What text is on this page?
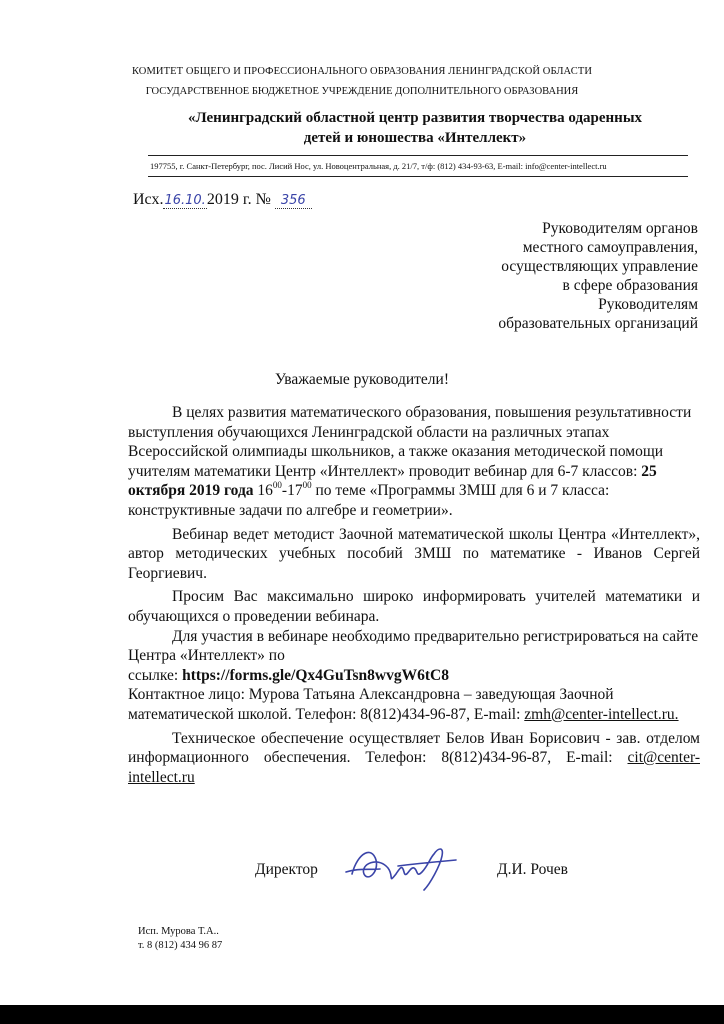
КОМИТЕТ ОБЩЕГО И ПРОФЕССИОНАЛЬНОГО ОБРАЗОВАНИЯ ЛЕНИНГРАДСКОЙ ОБЛАСТИ
ГОСУДАРСТВЕННОЕ БЮДЖЕТНОЕ УЧРЕЖДЕНИЕ ДОПОЛНИТЕЛЬНОГО ОБРАЗОВАНИЯ
«Ленинградский областной центр развития творчества одаренных
детей и юношества «Интеллект»
197755, г. Санкт-Петербург, пос. Лисий Нос, ул. Новоцентральная, д. 21/7, т/ф: (812) 434-93-63, E-mail: info@center-intellect.ru
Исх.16.10.2019 г. № 356
Руководителям органов
местного самоуправления,
осуществляющих управление
в сфере образования
Руководителям
образовательных организаций
Уважаемые руководители!

В целях развития математического образования, повышения результативности выступления обучающихся Ленинградской области на различных этапах Всероссийской олимпиады школьников, а также оказания методической помощи учителям математики Центр «Интеллект» проводит вебинар для 6-7 классов: 25 октября 2019 года $16^{00}-17^{00}$ по теме «Программы ЗМШ для 6 и 7 класса: конструктивные задачи по алгебре и геометрии».

Вебинар ведет методист Заочной математической школы Центра «Интеллект», автор методических учебных пособий ЗМШ по математике - Иванов Сергей Георгиевич.

Просим Вас максимально широко информировать учителей математики и обучающихся о проведении вебинара.

Для участия в вебинаре необходимо предварительно регистрироваться на сайте Центра «Интеллект» по

ссылке: https://forms.gle/Qx4GuTsn8wvgW6tC8

Контактное лицо: Мурова Татьяна Александровна – заведующая Заочной математической школой. Телефон: 8(812)434-96-87, E-mail: zmh@center-intellect.ru.

Техническое обеспечение осуществляет Белов Иван Борисович - зав. отделом информационного обеспечения. Телефон: 8(812)434-96-87, E-mail: cit@center-intellect.ru

Директор	Д.И. Рочев
Исп. Мурова Т.А..
т. 8 (812) 434 96 87
